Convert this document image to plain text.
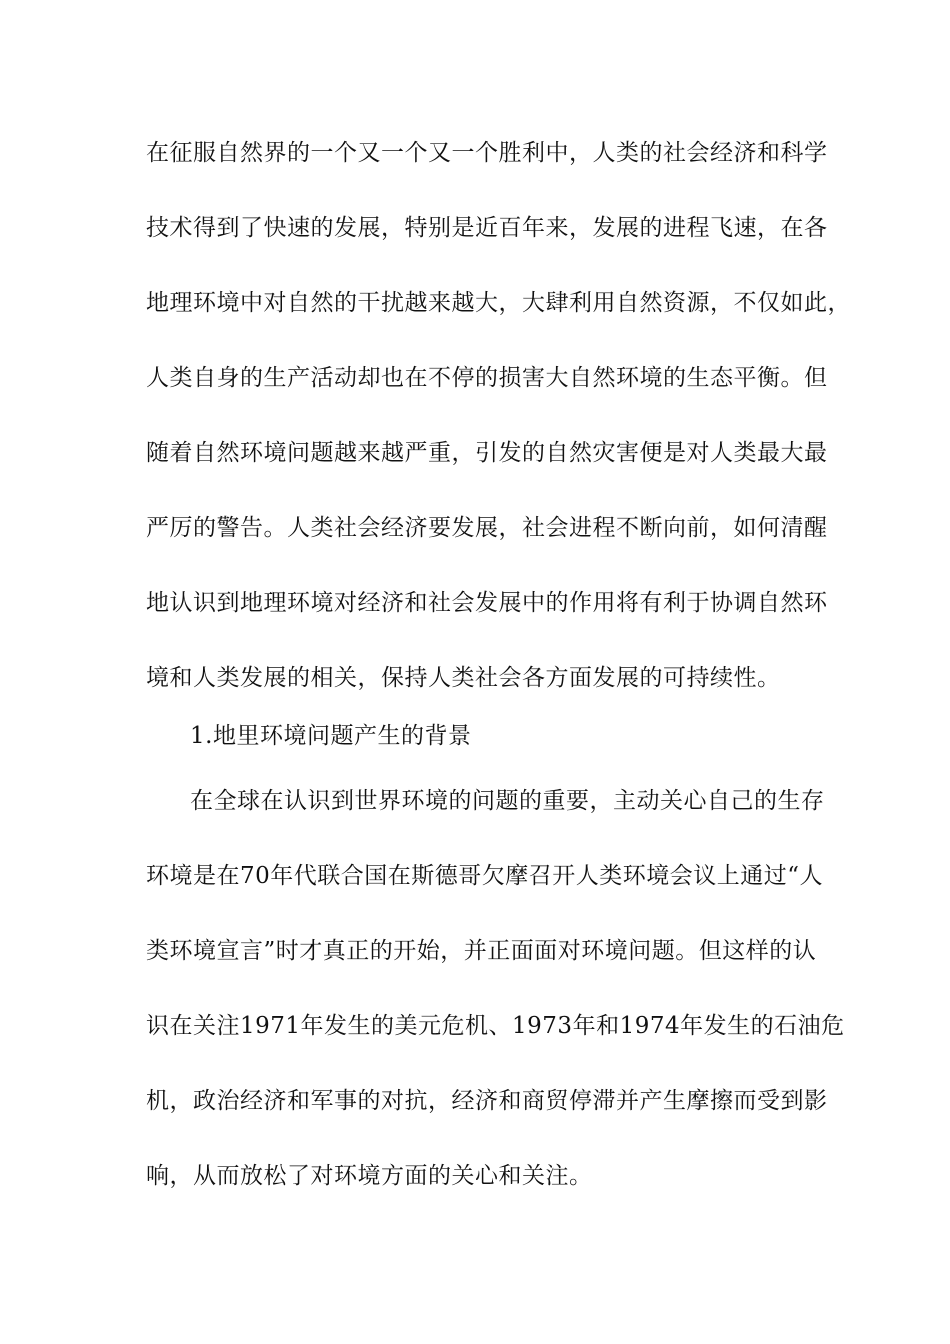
在征服自然界的一个又一个又一个胜利中，人类的社会经济和科学
技术得到了快速的发展，特别是近百年来，发展的进程飞速，在各
地理环境中对自然的干扰越来越大，大肆利用自然资源，不仅如此，
人类自身的生产活动却也在不停的损害大自然环境的生态平衡。但
随着自然环境问题越来越严重，引发的自然灾害便是对人类最大最
严厉的警告。人类社会经济要发展，社会进程不断向前，如何清醒
地认识到地理环境对经济和社会发展中的作用将有利于协调自然环
境和人类发展的相关，保持人类社会各方面发展的可持续性。
1.地里环境问题产生的背景
在全球在认识到世界环境的问题的重要，主动关心自己的生存
环境是在70年代联合国在斯德哥欠摩召开人类环境会议上通过“人
类环境宣言”时才真正的开始，并正面面对环境问题。但这样的认
识在关注1971年发生的美元危机、1973年和1974年发生的石油危
机，政治经济和军事的对抗，经济和商贸停滞并产生摩擦而受到影
响，从而放松了对环境方面的关心和关注。
